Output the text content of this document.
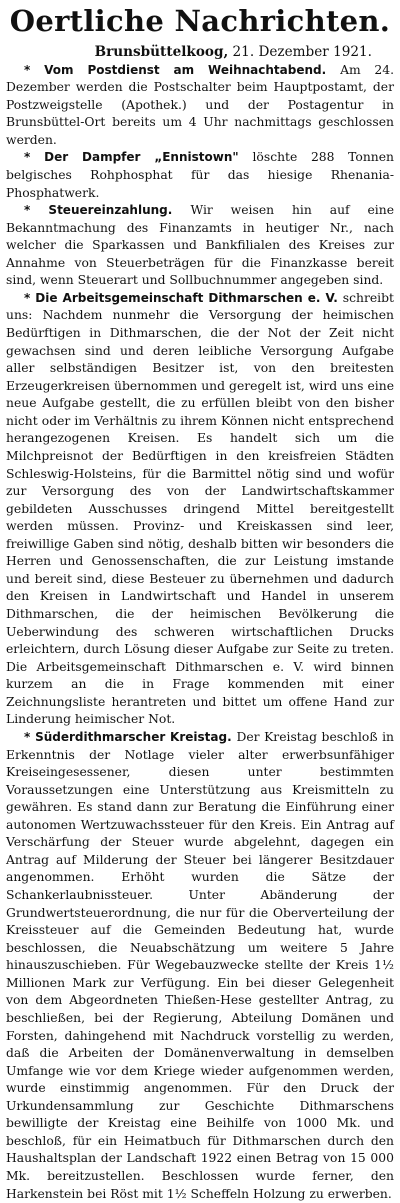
Oertliche Nachrichten.

Brunsbüttelkoog, 21. Dezember 1921.

* Vom Postdienst am Weihnachtabend. Am 24. Dezember werden die Postschalter beim Hauptpostamt, der Postzweigstelle (Apothek.) und der Postagentur in Brunsbüttel-Ort bereits um 4 Uhr nachmittags geschlossen werden.

* Der Dampfer „Ennistown" löschte 288 Tonnen belgisches Rohphosphat für das hiesige Rhenania-Phosphatwerk.

* Steuereinzahlung. Wir weisen hin auf eine Bekanntmachung des Finanzamts in heutiger Nr., nach welcher die Sparkassen und Bankfilialen des Kreises zur Annahme von Steuerbeträgen für die Finanzkasse bereit sind, wenn Steuerart und Sollbuchnummer angegeben sind.

* Die Arbeitsgemeinschaft Dithmarschen e. V. schreibt uns: Nachdem nunmehr die Versorgung der heimischen Bedürftigen in Dithmarschen, die der Not der Zeit nicht gewachsen sind und deren leibliche Versorgung Aufgabe aller selbständigen Besitzer ist, von den breitesten Erzeugerkreisen übernommen und geregelt ist, wird uns eine neue Aufgabe gestellt, die zu erfüllen bleibt von den bisher nicht oder im Verhältnis zu ihrem Können nicht entsprechend herangezogenen Kreisen. Es handelt sich um die Milchpreisnot der Bedürftigen in den kreisfreien Städten Schleswig-Holsteins, für die Barmittel nötig sind und wofür zur Versorgung des von der Landwirtschaftskammer gebildeten Ausschusses dringend Mittel bereitgestellt werden müssen. Provinz- und Kreiskassen sind leer, freiwillige Gaben sind nötig, deshalb bitten wir besonders die Herren und Genossenschaften, die zur Leistung imstande und bereit sind, diese Besteuer zu übernehmen und dadurch den Kreisen in Landwirtschaft und Handel in unserem Dithmarschen, die der heimischen Bevölkerung die Ueberwindung des schweren wirtschaftlichen Drucks erleichtern, durch Lösung dieser Aufgabe zur Seite zu treten. Die Arbeitsgemeinschaft Dithmarschen e. V. wird binnen kurzem an die in Frage kommenden mit einer Zeichnungsliste herantreten und bittet um offene Hand zur Linderung heimischer Not.

* Süderdithmarscher Kreistag. Der Kreistag beschloß in Erkenntnis der Notlage vieler alter erwerbsunfähiger Kreiseingesessener, diesen unter bestimmten Voraussetzungen eine Unterstützung aus Kreismitteln zu gewähren. Es stand dann zur Beratung die Einführung einer autonomen Wertzuwachssteuer für den Kreis. Ein Antrag auf Verschärfung der Steuer wurde abgelehnt, dagegen ein Antrag auf Milderung der Steuer bei längerer Besitzdauer angenommen. Erhöht wurden die Sätze der Schankerlaubnissteuer. Unter Abänderung der Grundwertsteuerordnung, die nur für die Oberverteilung der Kreissteuer auf die Gemeinden Bedeutung hat, wurde beschlossen, die Neuabschätzung um weitere 5 Jahre hinauszuschieben. Für Wegebauzwecke stellte der Kreis 1½ Millionen Mark zur Verfügung. Ein bei dieser Gelegenheit von dem Abgeordneten Thießen-Hese gestellter Antrag, zu beschließen, bei der Regierung, Abteilung Domänen und Forsten, dahingehend mit Nachdruck vorstellig zu werden, daß die Arbeiten der Domänenverwaltung in demselben Umfange wie vor dem Kriege wieder aufgenommen werden, wurde einstimmig angenommen. Für den Druck der Urkundensammlung zur Geschichte Dithmarschens bewilligte der Kreistag eine Beihilfe von 1000 Mk. und beschloß, für ein Heimatbuch für Dithmarschen durch den Haushaltsplan der Landschaft 1922 einen Betrag von 15 000 Mk. bereitzustellen. Beschlossen wurde ferner, den Harkenstein bei Röst mit 1½ Scheffeln Holzung zu erwerben.
